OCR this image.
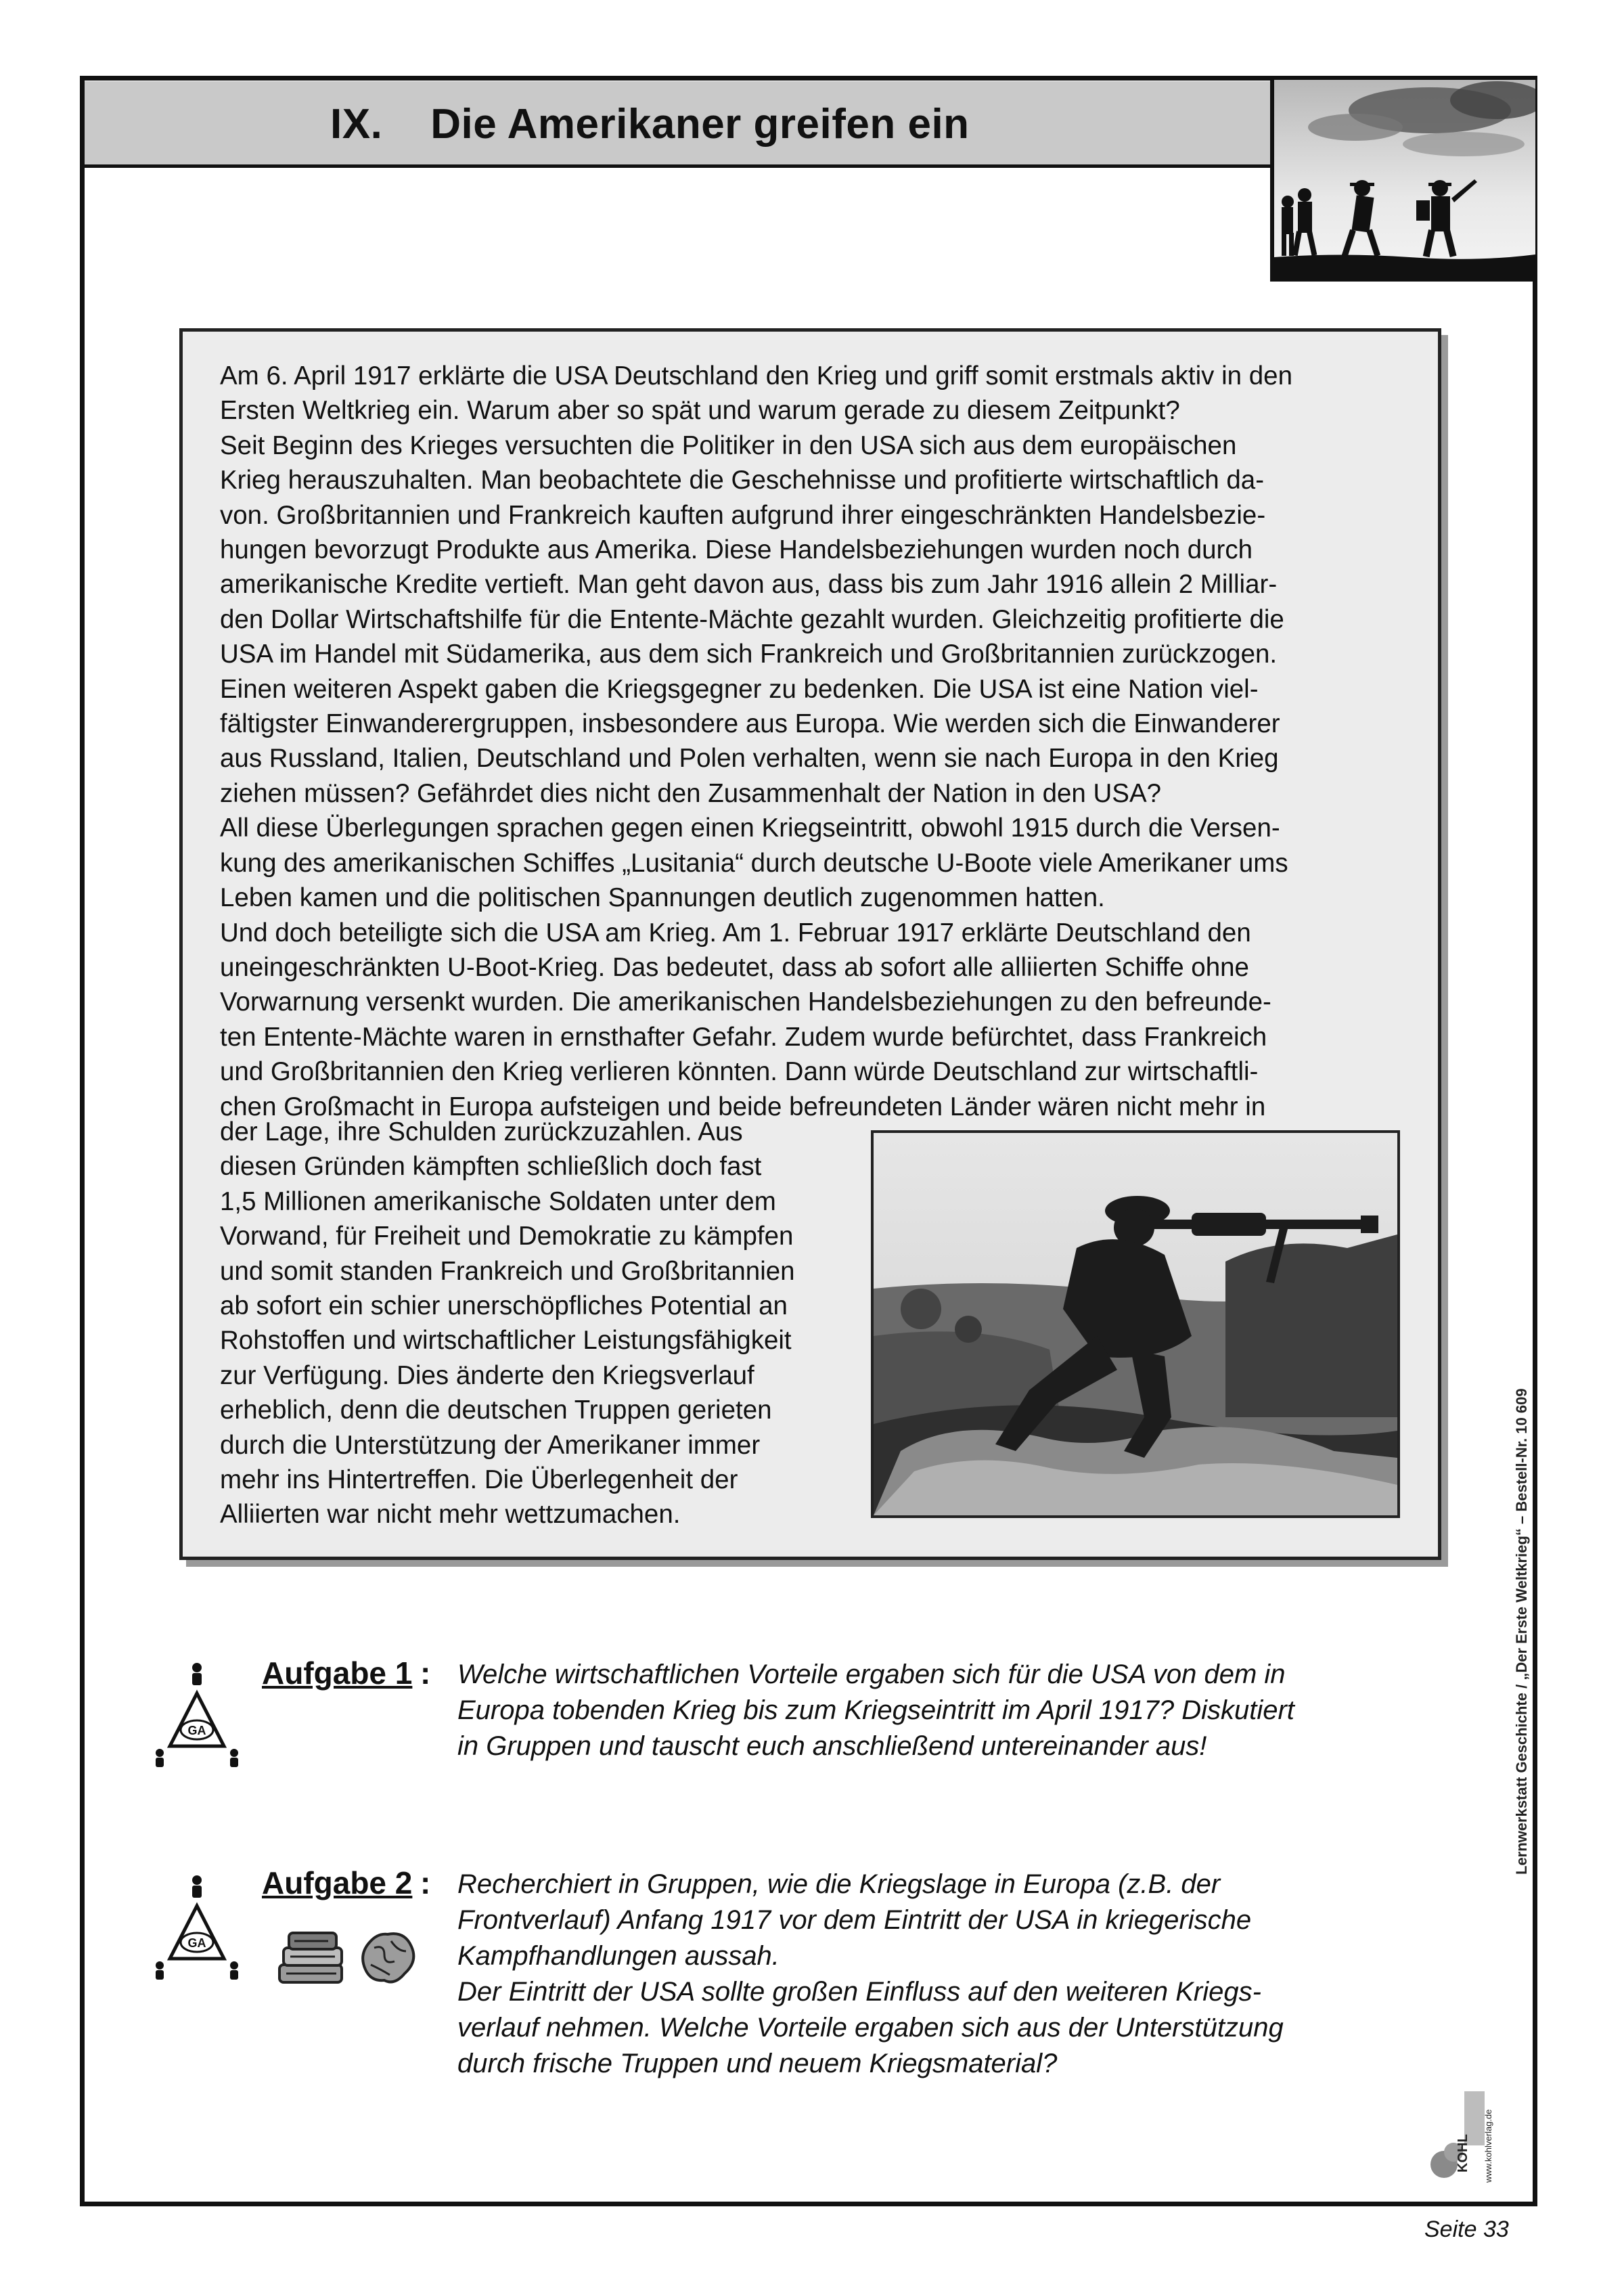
IX. Die Amerikaner greifen ein
Am 6. April 1917 erklärte die USA Deutschland den Krieg und griff somit erstmals aktiv in den
Ersten Weltkrieg ein. Warum aber so spät und warum gerade zu diesem Zeitpunkt?
Seit Beginn des Krieges versuchten die Politiker in den USA sich aus dem europäischen
Krieg herauszuhalten. Man beobachtete die Geschehnisse und profitierte wirtschaftlich da-
von. Großbritannien und Frankreich kauften aufgrund ihrer eingeschränkten Handelsbezie-
hungen bevorzugt Produkte aus Amerika. Diese Handelsbeziehungen wurden noch durch
amerikanische Kredite vertieft. Man geht davon aus, dass bis zum Jahr 1916 allein 2 Milliar-
den Dollar Wirtschaftshilfe für die Entente-Mächte gezahlt wurden. Gleichzeitig profitierte die
USA im Handel mit Südamerika, aus dem sich Frankreich und Großbritannien zurückzogen.
Einen weiteren Aspekt gaben die Kriegsgegner zu bedenken. Die USA ist eine Nation viel-
fältigster Einwanderergruppen, insbesondere aus Europa. Wie werden sich die Einwanderer
aus Russland, Italien, Deutschland und Polen verhalten, wenn sie nach Europa in den Krieg
ziehen müssen? Gefährdet dies nicht den Zusammenhalt der Nation in den USA?
All diese Überlegungen sprachen gegen einen Kriegseintritt, obwohl 1915 durch die Versen-
kung des amerikanischen Schiffes „Lusitania“ durch deutsche U-Boote viele Amerikaner ums
Leben kamen und die politischen Spannungen deutlich zugenommen hatten.
Und doch beteiligte sich die USA am Krieg. Am 1. Februar 1917 erklärte Deutschland den
uneingeschränkten U-Boot-Krieg. Das bedeutet, dass ab sofort alle alliierten Schiffe ohne
Vorwarnung versenkt wurden. Die amerikanischen Handelsbeziehungen zu den befreunde-
ten Entente-Mächte waren in ernsthafter Gefahr. Zudem wurde befürchtet, dass Frankreich
und Großbritannien den Krieg verlieren könnten. Dann würde Deutschland zur wirtschaftli-
chen Großmacht in Europa aufsteigen und beide befreundeten Länder wären nicht mehr in
der Lage, ihre Schulden zurückzuzahlen. Aus
diesen Gründen kämpften schließlich doch fast
1,5 Millionen amerikanische Soldaten unter dem
Vorwand, für Freiheit und Demokratie zu kämpfen
und somit standen Frankreich und Großbritannien
ab sofort ein schier unerschöpfliches Potential an
Rohstoffen und wirtschaftlicher Leistungsfähigkeit
zur Verfügung. Dies änderte den Kriegsverlauf
erheblich, denn die deutschen Truppen gerieten
durch die Unterstützung der Amerikaner immer
mehr ins Hintertreffen. Die Überlegenheit der
Alliierten war nicht mehr wettzumachen.
GA
Aufgabe 1 : Welche wirtschaftlichen Vorteile ergaben sich für die USA von dem in
Europa tobenden Krieg bis zum Kriegseintritt im April 1917? Diskutiert
in Gruppen und tauscht euch anschließend untereinander aus!
GA
Aufgabe 2 : Recherchiert in Gruppen, wie die Kriegslage in Europa (z.B. der
Frontverlauf) Anfang 1917 vor dem Eintritt der USA in kriegerische
Kampfhandlungen aussah.
Der Eintritt der USA sollte großen Einfluss auf den weiteren Kriegs-
verlauf nehmen. Welche Vorteile ergaben sich aus der Unterstützung
durch frische Truppen und neuem Kriegsmaterial?
Lernwerkstatt Geschichte / „Der Erste Weltkrieg“ – Bestell-Nr. 10 609
KOHL www.kohlverlag.de
Seite 33
